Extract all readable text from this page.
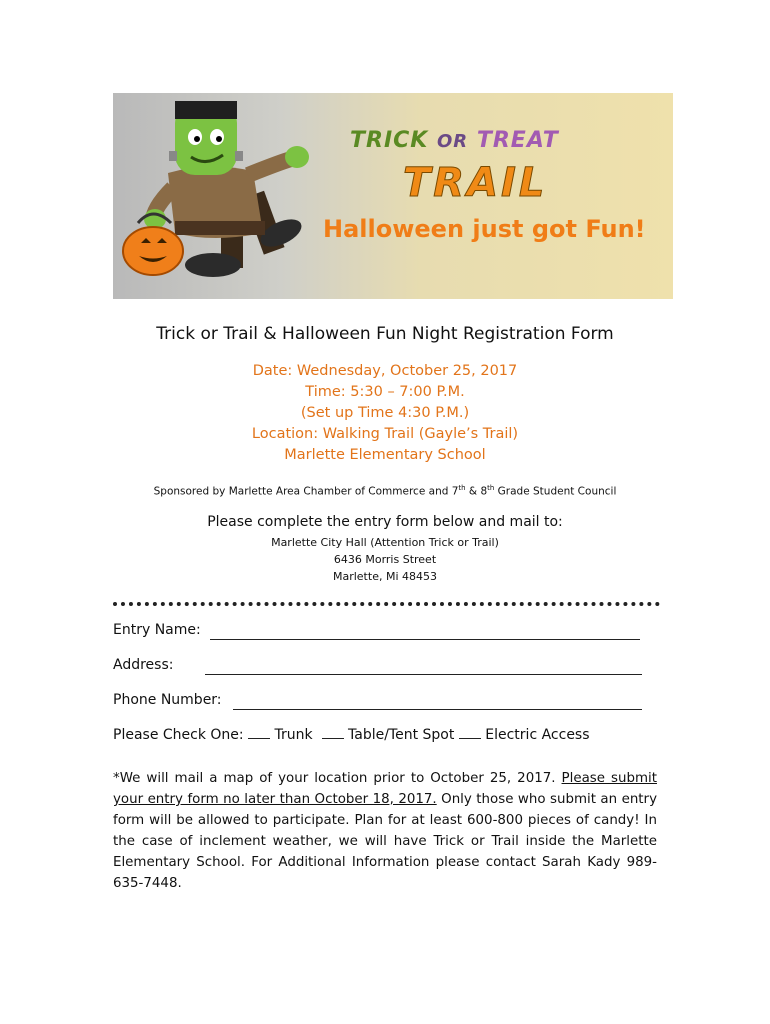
TRICK OR TREAT
TRAIL
Halloween just got Fun!
Trick or Trail & Halloween Fun Night Registration Form
Date: Wednesday, October 25, 2017
Time: 5:30 – 7:00 P.M.
(Set up Time 4:30 P.M.)
Location: Walking Trail (Gayle’s Trail)
Marlette Elementary School
Sponsored by Marlette Area Chamber of Commerce and 7th & 8th Grade Student Council
Please complete the entry form below and mail to:
Marlette City Hall (Attention Trick or Trail)
6436 Morris Street
Marlette, Mi 48453
Entry Name:
Address:
Phone Number:
Please Check One: Trunk	Table/Tent Spot Electric Access
*We will mail a map of your location prior to October 25, 2017. Please submit your entry form no later than October 18, 2017. Only those who submit an entry form will be allowed to participate. Plan for at least 600-800 pieces of candy! In the case of inclement weather, we will have Trick or Trail inside the Marlette Elementary School. For Additional Information please contact Sarah Kady 989-635-7448.
